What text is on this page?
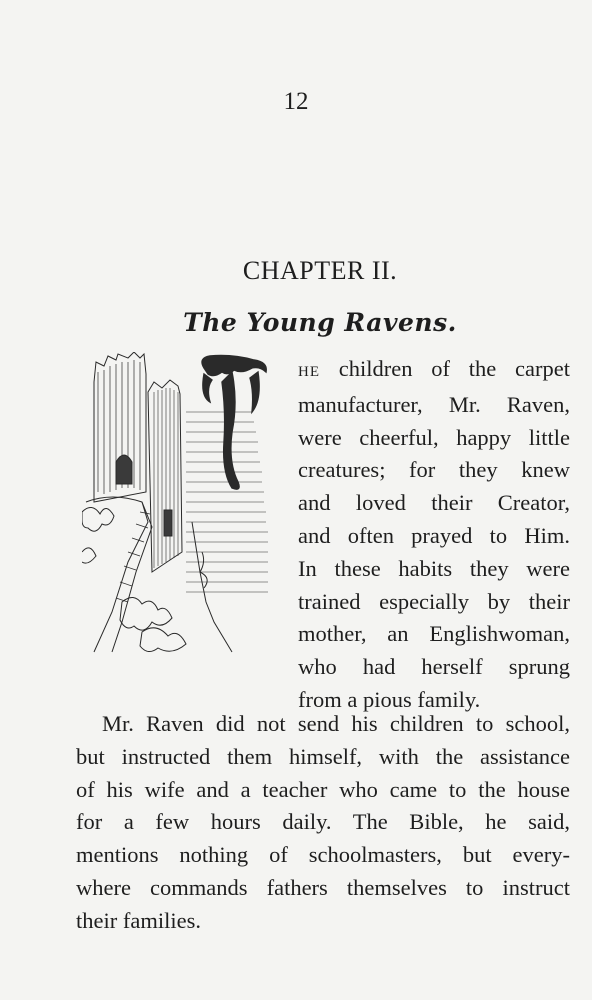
12
CHAPTER II.
The Young Ravens.
HE children of the carpet
manufacturer, Mr. Raven,
were cheerful, happy little
creatures; for they knew
and loved their Creator,
and often prayed to Him.
In these habits they were
trained especially by their
mother, an Englishwoman,
who had herself sprung
from a pious family.
Mr. Raven did not send his children to school,
but instructed them himself, with the assistance
of his wife and a teacher who came to the house
for a few hours daily. The Bible, he said,
mentions nothing of schoolmasters, but every-
where commands fathers themselves to instruct
their families.
